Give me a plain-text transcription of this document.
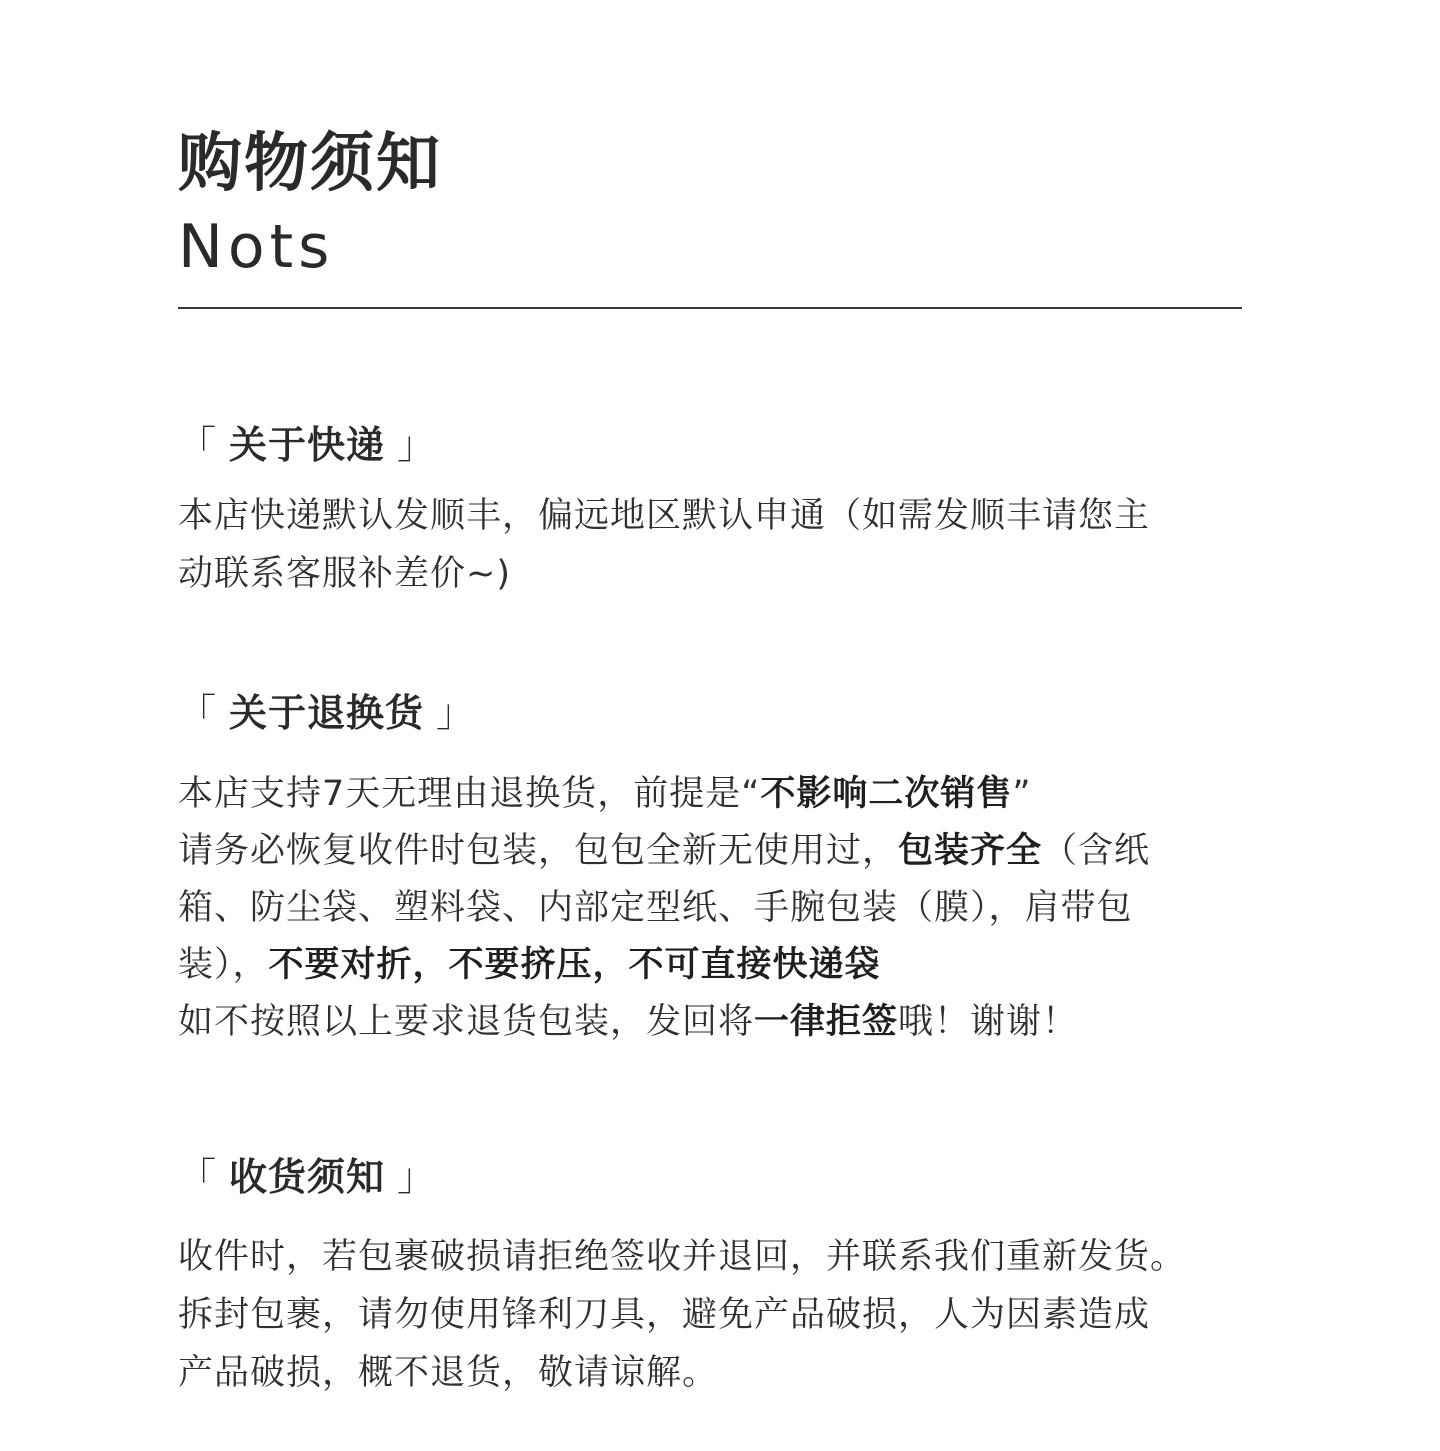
购物须知
Nots
「 关于快递 」
本店快递默认发顺丰，偏远地区默认申通（如需发顺丰请您主
动联系客服补差价~)
「 关于退换货 」
本店支持7天无理由退换货，前提是“不影响二次销售”
请务必恢复收件时包装，包包全新无使用过，包装齐全（含纸
箱、防尘袋、塑料袋、内部定型纸、手腕包装（膜），肩带包
装），不要对折，不要挤压，不可直接快递袋
如不按照以上要求退货包装，发回将一律拒签哦！谢谢！
「 收货须知 」
收件时，若包裹破损请拒绝签收并退回，并联系我们重新发货。
拆封包裹，请勿使用锋利刀具，避免产品破损，人为因素造成
产品破损，概不退货，敬请谅解。
